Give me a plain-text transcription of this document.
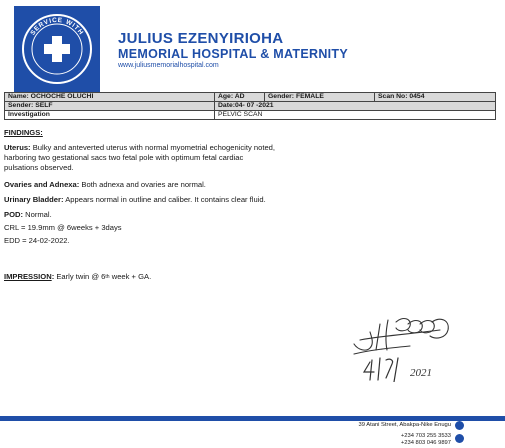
SERVICE WITH JULIUS EZENYIRIOHA
MEMORIAL HOSPITAL & MATERNITY
www.juliusmemorialhospital.com
Name: OCHOCHE OLUCHI	Age: AD	Gender: FEMALE	Scan No: 0454
Sender: SELF	Date:04- 07 -2021		
Investigation	PELVIC SCAN		
FINDINGS:
Uterus: Bulky and anteverted uterus with normal myometrial echogenicity noted,
harboring two gestational sacs two fetal pole with optimum fetal cardiac
pulsations observed.
Ovaries and Adnexa: Both adnexa and ovaries are normal.
Urinary Bladder: Appears normal in outline and caliber. It contains clear fluid.
POD: Normal.
CRL = 19.9mm @ 6weeks + 3days
EDD = 24-02-2022.
IMPRESSION: Early twin @ 6th week + GA.
2021
39 Atani Street, Abakpa-Nike Enugu
+234 703 255 3533
+234 803 046 9897
